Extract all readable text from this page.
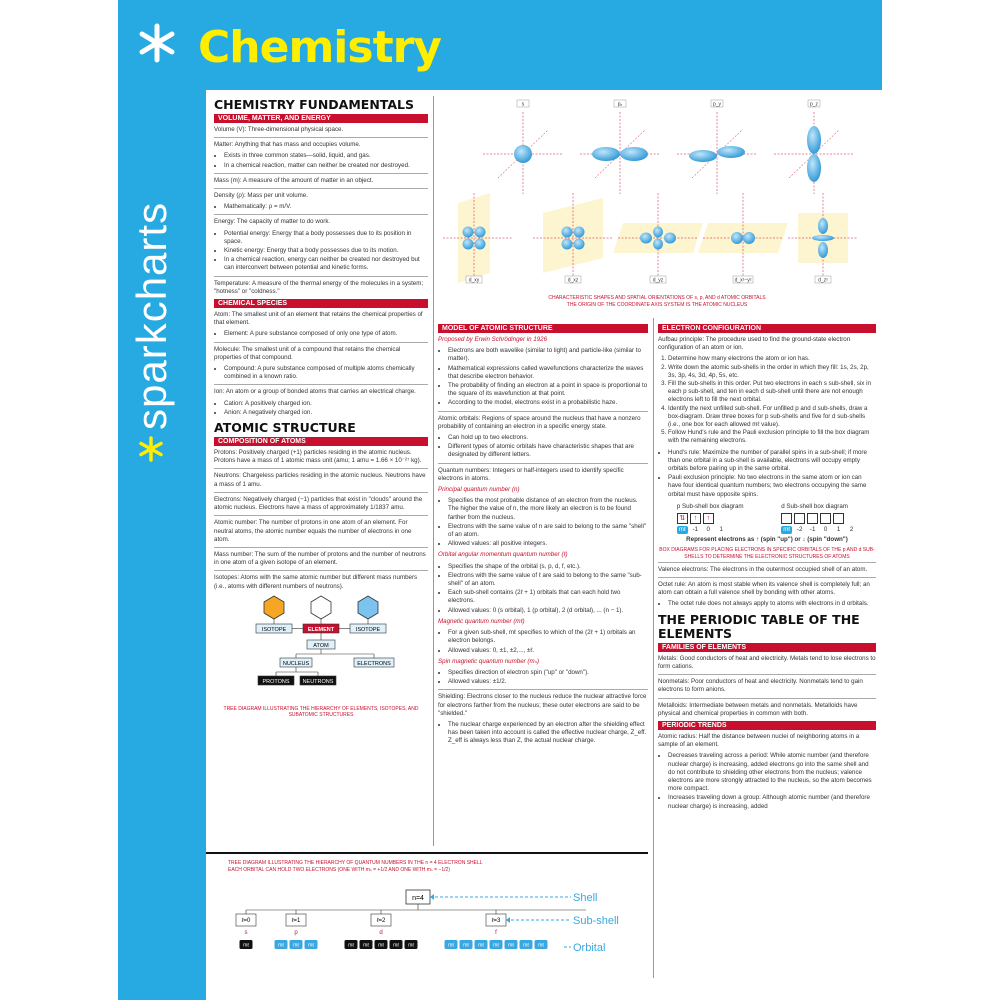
Chemistry
sparkcharts
CHEMISTRY FUNDAMENTALS
VOLUME, MATTER, AND ENERGY
Volume (V): Three-dimensional physical space.
Matter: Anything that has mass and occupies volume.
• Exists in three common states—solid, liquid, and gas.
• In a chemical reaction, matter can neither be created nor destroyed.
Mass (m): A measure of the amount of matter in an object.
Density (ρ): Mass per unit volume.
• Mathematically: ρ = m/V.
Energy: The capacity of matter to do work.
• Potential energy: Energy that a body possesses due to its position in space.
• Kinetic energy: Energy that a body possesses due to its motion.
• In a chemical reaction, energy can neither be created nor destroyed but can interconvert between potential and kinetic forms.
Temperature: A measure of the thermal energy of the molecules in a system; "hotness" or "coldness."
CHEMICAL SPECIES
Atom: The smallest unit of an element that retains the chemical properties of that element.
• Element: A pure substance composed of only one type of atom.
Molecule: The smallest unit of a compound that retains the chemical properties of that compound.
• Compound: A pure substance composed of multiple atoms chemically combined in a known ratio.
Ion: An atom or a group of bonded atoms that carries an electrical charge.
• Cation: A positively charged ion.
• Anion: A negatively charged ion.
ATOMIC STRUCTURE
COMPOSITION OF ATOMS
Protons: Positively charged (+1) particles residing in the atomic nucleus. Protons have a mass of 1 atomic mass unit (amu; 1 amu = 1.66 × 10⁻²⁷ kg).
Neutrons: Chargeless particles residing in the atomic nucleus. Neutrons have a mass of 1 amu.
Electrons: Negatively charged (−1) particles that exist in "clouds" around the atomic nucleus. Electrons have a mass of approximately 1/1837 amu.
Atomic number: The number of protons in one atom of an element. For neutral atoms, the atomic number equals the number of electrons in one atom.
Mass number: The sum of the number of protons and the number of neutrons in one atom of a given isotope of an element.
Isotopes: Atoms with the same atomic number but different mass numbers (i.e., atoms with different numbers of neutrons).
ISOTOPE	ELEMENT	ISOTOPE
ATOM
NUCLEUS	ELECTRONS
PROTONS NEUTRONS
TREE DIAGRAM ILLUSTRATING THE HIERARCHY OF ELEMENTS, ISOTOPES, AND SUBATOMIC STRUCTURES
s	pₓ	p_y	p_z
d_xy	d_xz	d_yz	d_x²−y²	d_z²
CHARACTERISTIC SHAPES AND SPATIAL ORIENTATIONS OF s, p, AND d ATOMIC ORBITALS
THE ORIGIN OF THE COORDINATE AXIS SYSTEM IS THE ATOMIC NUCLEUS
MODEL OF ATOMIC STRUCTURE
Proposed by Erwin Schrödinger in 1926
• Electrons are both wavelike (similar to light) and particle-like (similar to matter).
• Mathematical expressions called wavefunctions characterize the waves that describe electron behavior.
• The probability of finding an electron at a point in space is proportional to the square of its wavefunction at that point.
• According to the model, electrons exist in a probabilistic haze.
Atomic orbitals: Regions of space around the nucleus that have a nonzero probability of containing an electron in a specific energy state.
• Can hold up to two electrons.
• Different types of atomic orbitals have characteristic shapes that are designated by different letters.
Quantum numbers: Integers or half-integers used to identify specific electrons in atoms.
Principal quantum number (n)
• Specifies the most probable distance of an electron from the nucleus. The higher the value of n, the more likely an electron is to be found farther from the nucleus.
• Electrons with the same value of n are said to belong to the same "shell" of an atom.
• Allowed values: all positive integers.
Orbital angular momentum quantum number (ℓ)
• Specifies the shape of the orbital (s, p, d, f, etc.).
• Electrons with the same value of ℓ are said to belong to the same "sub-shell" of an atom.
• Each sub-shell contains (2ℓ + 1) orbitals that can each hold two electrons.
• Allowed values: 0 (s orbital), 1 (p orbital), 2 (d orbital), ... (n − 1).
Magnetic quantum number (mℓ)
• For a given sub-shell, mℓ specifies to which of the (2ℓ + 1) orbitals an electron belongs.
• Allowed values: 0, ±1, ±2,..., ±ℓ.
Spin magnetic quantum number (mₛ)
• Specifies direction of electron spin ("up" or "down").
• Allowed values: ±1/2.
Shielding: Electrons closer to the nucleus reduce the nuclear attractive force for electrons farther from the nucleus; these outer electrons are said to be "shielded."
• The nuclear charge experienced by an electron after the shielding effect has been taken into account is called the effective nuclear charge, Z_eff. Z_eff is always less than Z, the actual nuclear charge.
TREE DIAGRAM ILLUSTRATING THE HIERARCHY OF QUANTUM NUMBERS IN THE n = 4 ELECTRON SHELL
EACH ORBITAL CAN HOLD TWO ELECTRONS (ONE WITH mₛ = +1/2 AND ONE WITH mₛ = −1/2)
n=4	Shell
ℓ=0	ℓ=1	ℓ=2	ℓ=3	Sub-shell
s	p	d	f
mℓ	mℓ mℓ mℓ	mℓ mℓ mℓ mℓ mℓ	mℓ mℓ mℓ mℓ mℓ mℓ mℓ	Orbital
ELECTRON CONFIGURATION
Aufbau principle: The procedure used to find the ground-state electron configuration of an atom or ion.
1. Determine how many electrons the atom or ion has.
2. Write down the atomic sub-shells in the order in which they fill: 1s, 2s, 2p, 3s, 3p, 4s, 3d, 4p, 5s, etc.
3. Fill the sub-shells in this order. Put two electrons in each s sub-shell, six in each p sub-shell, and ten in each d sub-shell until there are not enough electrons left to fill the next orbital.
4. Identify the next unfilled sub-shell. For unfilled p and d sub-shells, draw a box-diagram. Draw three boxes for p sub-shells and five for d sub-shells (i.e., one box for each allowed mℓ value).
5. Follow Hund's rule and the Pauli exclusion principle to fill the box diagram with the remaining electrons.
• Hund's rule: Maximize the number of parallel spins in a sub-shell; if more than one orbital in a sub-shell is available, electrons will occupy empty orbitals before pairing up in the same orbital.
• Pauli exclusion principle: No two electrons in the same atom or ion can have four identical quantum numbers; two electrons occupying the same orbital must have opposite spins.
p Sub-shell box diagram
⇅	↑	↑
mℓ	-1	0	1
d Sub-shell box diagram
mℓ	-2	-1	0	1	2
Represent electrons as ↑ (spin "up") or ↓ (spin "down")
BOX DIAGRAMS FOR PLACING ELECTRONS IN SPECIFIC ORBITALS OF THE p AND d SUB-SHELLS TO DETERMINE THE ELECTRONIC STRUCTURES OF ATOMS
Valence electrons: The electrons in the outermost occupied shell of an atom.
Octet rule: An atom is most stable when its valence shell is completely full; an atom can obtain a full valence shell by bonding with other atoms.
• The octet rule does not always apply to atoms with electrons in d orbitals.
THE PERIODIC TABLE OF THE ELEMENTS
FAMILIES OF ELEMENTS
Metals: Good conductors of heat and electricity. Metals tend to lose electrons to form cations.
Nonmetals: Poor conductors of heat and electricity. Nonmetals tend to gain electrons to form anions.
Metalloids: Intermediate between metals and nonmetals. Metalloids have physical and chemical properties in common with both.
PERIODIC TRENDS
Atomic radius: Half the distance between nuclei of neighboring atoms in a sample of an element.
• Decreases traveling across a period: While atomic number (and therefore nuclear charge) is increasing, added electrons go into the same shell and do not contribute to shielding other electrons from the nucleus; valence electrons are more strongly attracted to the nucleus, so the atom becomes more compact.
• Increases traveling down a group: Although atomic number (and therefore nuclear charge) is increasing, added
